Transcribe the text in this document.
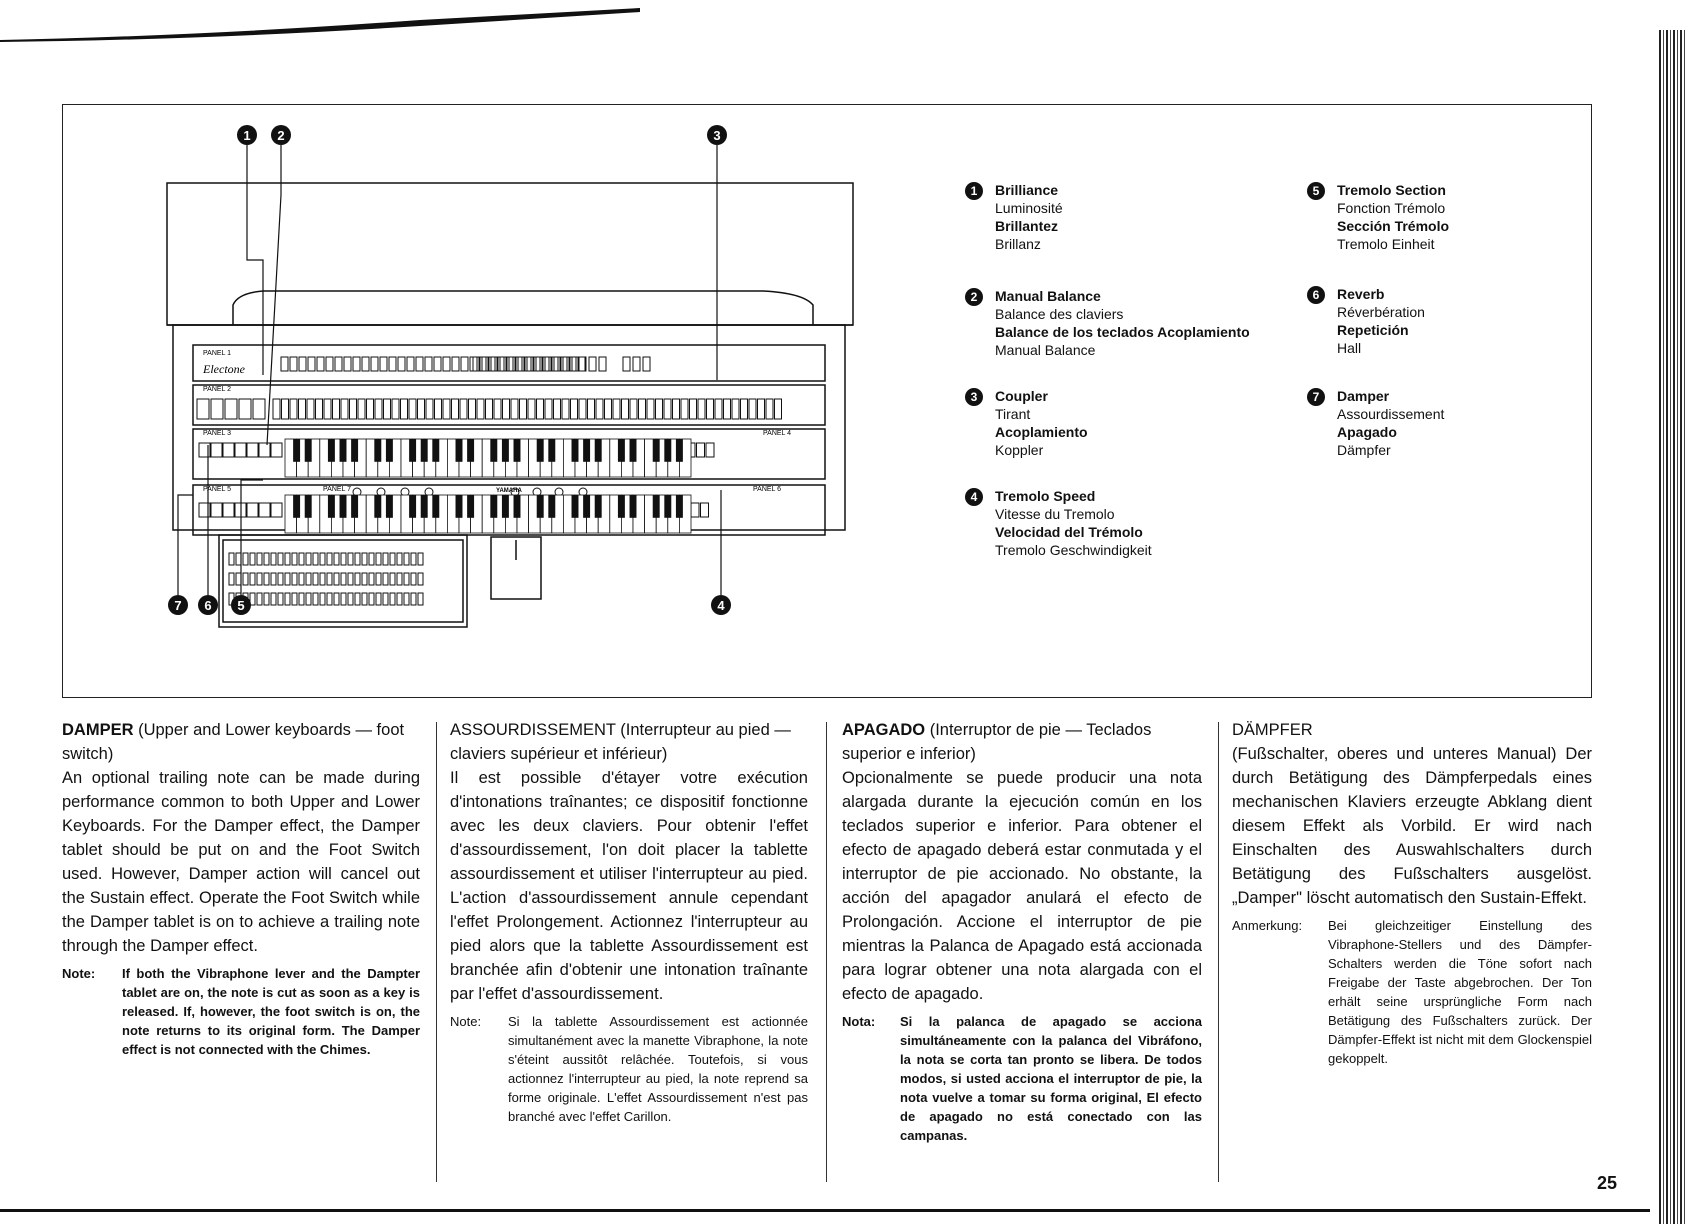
PANEL 1
Electone
PANEL 2
PANEL 3	PANEL 4
PANEL 5	PANEL 7	PANEL 6
YAMAHA
1 2	3
4
5
6
7
1	Brilliance
Luminosité
Brillantez
Brillanz
2	Manual Balance
Balance des claviers
Balance de los teclados Acoplamiento
Manual Balance
3	Coupler
Tirant
Acoplamiento
Koppler
4	Tremolo Speed
Vitesse du Tremolo
Velocidad del Trémolo
Tremolo Geschwindigkeit
5	Tremolo Section
Fonction Trémolo
Sección Trémolo
Tremolo Einheit
6	Reverb
Réverbération
Repetición
Hall
7	Damper
Assourdissement
Apagado
Dämpfer

DAMPER (Upper and Lower keyboards — foot switch)

An optional trailing note can be made during performance common to both Upper and Lower Keyboards. For the Damper effect, the Damper tablet should be put on and the Foot Switch used. However, Damper action will cancel out the Sustain effect. Operate the Foot Switch while the Damper tablet is on to achieve a trailing note through the Damper effect.

Note:	If both the Vibraphone lever and the Dampter tablet are on, the note is cut as soon as a key is released. If, however, the foot switch is on, the note returns to its original form. The Damper effect is not connected with the Chimes.

ASSOURDISSEMENT (Interrupteur au pied — claviers supérieur et inférieur)

Il est possible d'étayer votre exécution d'intonations traînantes; ce dispositif fonctionne avec les deux claviers. Pour obtenir l'effet d'assourdissement, l'on doit placer la tablette assourdissement et utiliser l'interrupteur au pied. L'action d'assourdissement annule cependant l'effet Prolongement. Actionnez l'interrupteur au pied alors que la tablette Assourdissement est branchée afin d'obtenir une intonation traînante par l'effet d'assourdissement.

Note:	Si la tablette Assourdissement est actionnée simultanément avec la manette Vibraphone, la note s'éteint aussitôt relâchée. Toutefois, si vous actionnez l'interrupteur au pied, la note reprend sa forme originale. L'effet Assourdissement n'est pas branché avec l'effet Carillon.

APAGADO (Interruptor de pie — Teclados superior e inferior)

Opcionalmente se puede producir una nota alargada durante la ejecución común en los teclados superior e inferior. Para obtener el efecto de apagado deberá estar conmutada y el interruptor de pie accionado. No obstante, la acción del apagador anulará el efecto de Prolongación. Accione el interruptor de pie mientras la Palanca de Apagado está accionada para lograr obtener una nota alargada con el efecto de apagado.

Nota:	Si la palanca de apagado se acciona simultáneamente con la palanca del Vibráfono, la nota se corta tan pronto se libera. De todos modos, si usted acciona el interruptor de pie, la nota vuelve a tomar su forma original, El efecto de apagado no está conectado con las campanas.

DÄMPFER

(Fußschalter, oberes und unteres Manual) Der durch Betätigung des Dämpferpedals eines mechanischen Klaviers erzeugte Abklang dient diesem Effekt als Vorbild. Er wird nach Einschalten des Auswahlschalters durch Betätigung des Fußschalters ausgelöst. „Damper" löscht automatisch den Sustain-Effekt.

Anmerkung:	Bei gleichzeitiger Einstellung des Vibraphone-Stellers und des Dämpfer-Schalters werden die Töne sofort nach Freigabe der Taste abgebrochen. Der Ton erhält seine ursprüngliche Form nach Betätigung des Fußschalters zurück. Der Dämpfer-Effekt ist nicht mit dem Glockenspiel gekoppelt.
25
